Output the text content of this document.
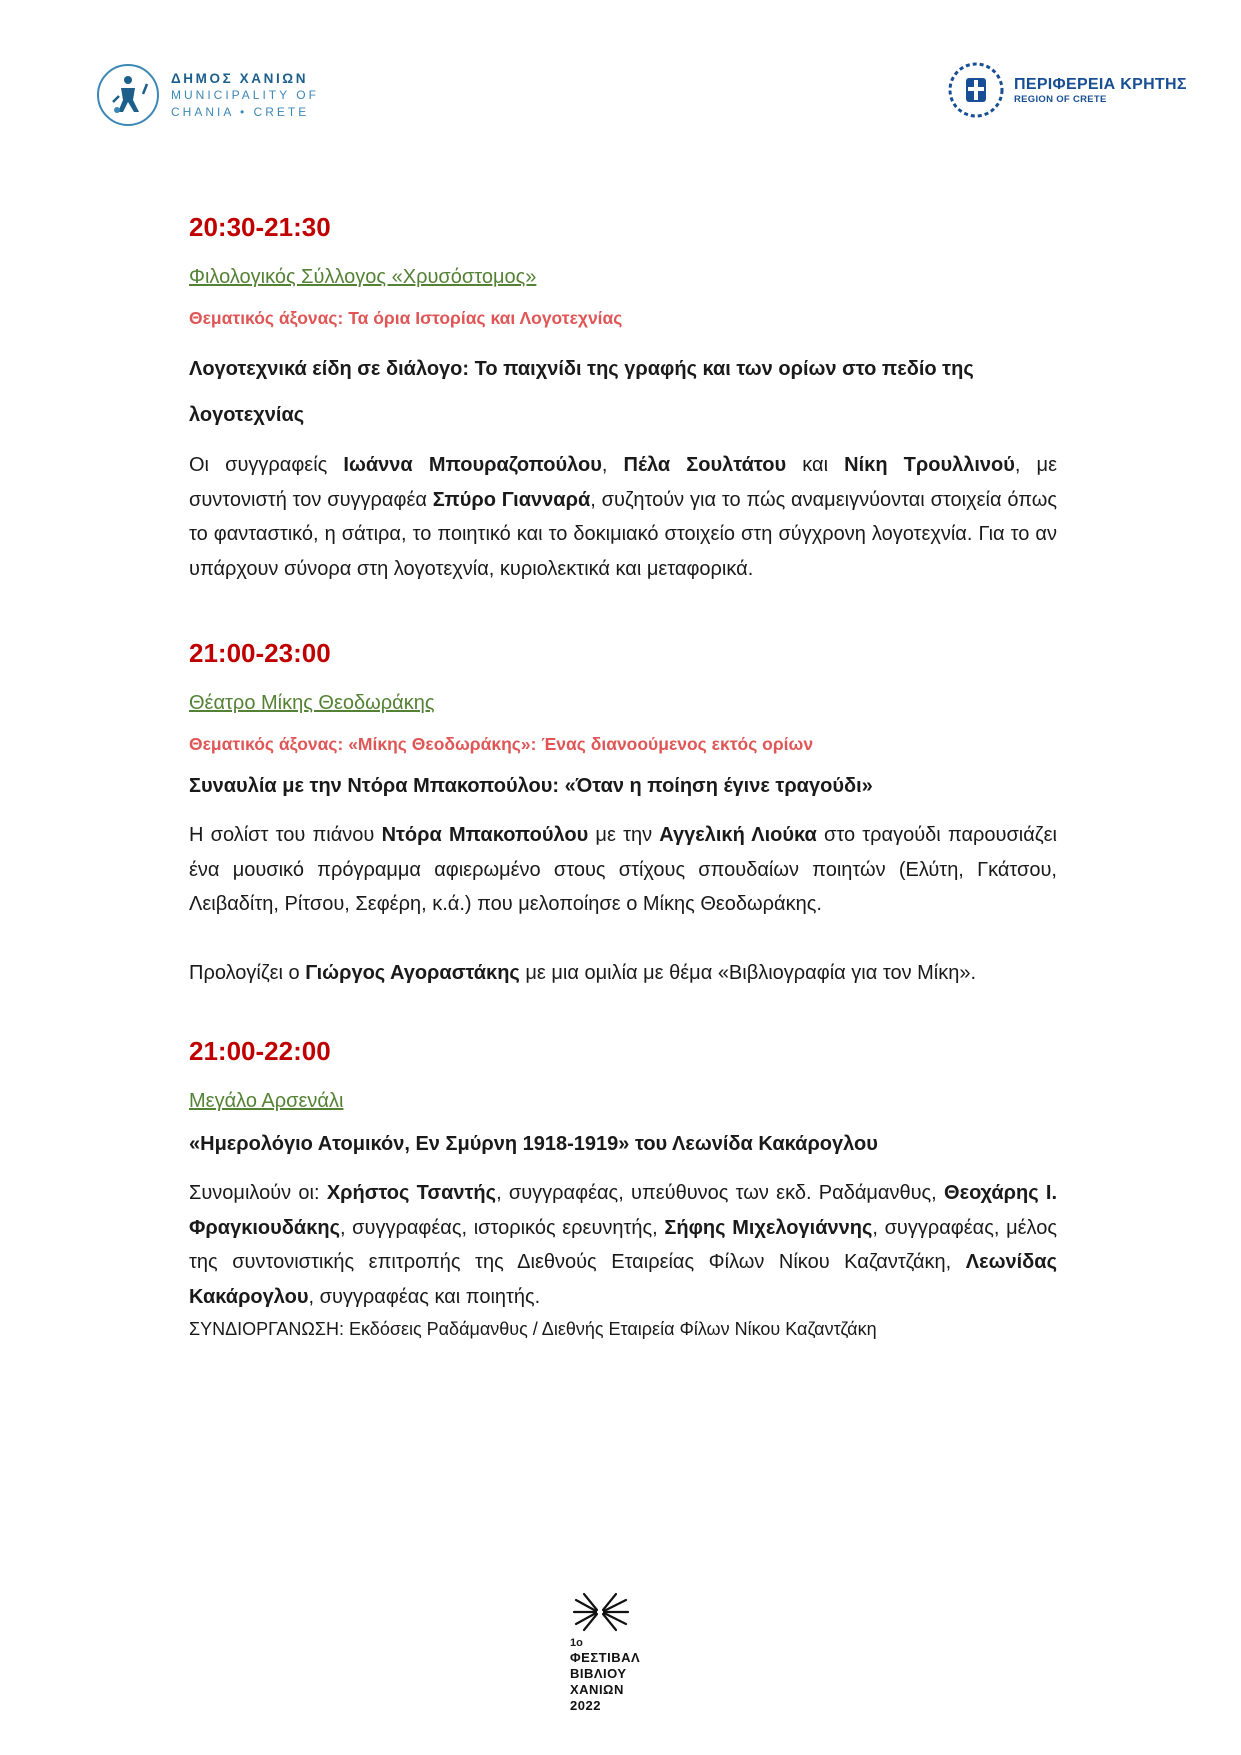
ΔΗΜΟΣ ΧΑΝΙΩΝ
MUNICIPALITY OF
CHANIA • CRETE
ΠΕΡΙΦΕΡΕΙΑ ΚΡΗΤΗΣ
REGION OF CRETE
20:30-21:30
Φιλολογικός Σύλλογος «Χρυσόστομος»
Θεματικός άξονας: Τα όρια Ιστορίας και Λογοτεχνίας
Λογοτεχνικά είδη σε διάλογο: Το παιχνίδι της γραφής και των ορίων στο πεδίο της λογοτεχνίας

Οι συγγραφείς Ιωάννα Μπουραζοπούλου, Πέλα Σουλτάτου και Νίκη Τρουλλινού, με συντονιστή τον συγγραφέα Σπύρο Γιανναρά, συζητούν για το πώς αναμειγνύονται στοιχεία όπως το φανταστικό, η σάτιρα, το ποιητικό και το δοκιμιακό στοιχείο στη σύγχρονη λογοτεχνία. Για το αν υπάρχουν σύνορα στη λογοτεχνία, κυριολεκτικά και μεταφορικά.

21:00-23:00
Θέατρο Μίκης Θεοδωράκης
Θεματικός άξονας: «Μίκης Θεοδωράκης»: Ένας διανοούμενος εκτός ορίων
Συναυλία με την Ντόρα Μπακοπούλου: «Όταν η ποίηση έγινε τραγούδι»

Η σολίστ του πιάνου Ντόρα Μπακοπούλου με την Αγγελική Λιούκα στο τραγούδι παρουσιάζει ένα μουσικό πρόγραμμα αφιερωμένο στους στίχους σπουδαίων ποιητών (Ελύτη, Γκάτσου, Λειβαδίτη, Ρίτσου, Σεφέρη, κ.ά.) που μελοποίησε ο Μίκης Θεοδωράκης.

Προλογίζει ο Γιώργος Αγοραστάκης με μια ομιλία με θέμα «Βιβλιογραφία για τον Μίκη».

21:00-22:00
Μεγάλο Αρσενάλι
«Ημερολόγιο Ατομικόν, Εν Σμύρνη 1918-1919» του Λεωνίδα Κακάρογλου

Συνομιλούν οι: Χρήστος Τσαντής, συγγραφέας, υπεύθυνος των εκδ. Ραδάμανθυς, Θεοχάρης Ι. Φραγκιουδάκης, συγγραφέας, ιστορικός ερευνητής, Σήφης Μιχελογιάννης, συγγραφέας, μέλος της συντονιστικής επιτροπής της Διεθνούς Εταιρείας Φίλων Νίκου Καζαντζάκη, Λεωνίδας Κακάρογλου, συγγραφέας και ποιητής.

ΣΥΝΔΙΟΡΓΑΝΩΣΗ: Εκδόσεις Ραδάμανθυς / Διεθνής Εταιρεία Φίλων Νίκου Καζαντζάκη

1ο
ΦΕΣΤΙΒΑΛ
ΒΙΒΛΙΟΥ
ΧΑΝΙΩΝ
2022
